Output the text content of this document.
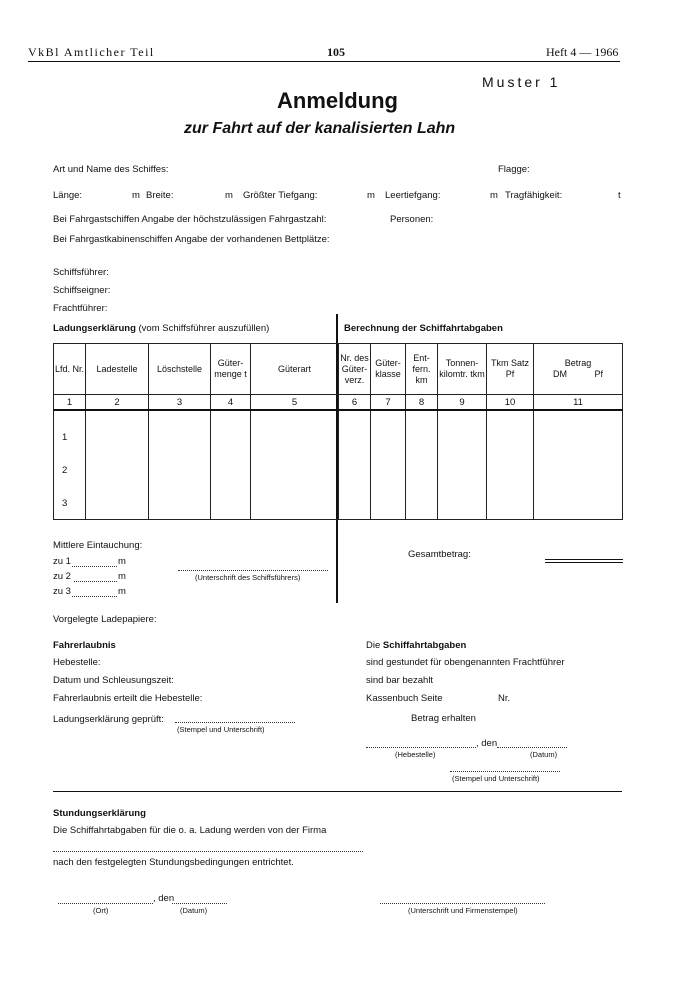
VkBl Amtlicher Teil	105	Heft 4 — 1966
Muster 1
Anmeldung
zur Fahrt auf der kanalisierten Lahn
Art und Name des Schiffes:	Flagge:
Länge:	m Breite:	m Größter Tiefgang:	m Leertiefgang:	m Tragfähigkeit:	t
Bei Fahrgastschiffen Angabe der höchstzulässigen Fahrgastzahl:	Personen:
Bei Fahrgastkabinenschiffen Angabe der vorhandenen Bettplätze:
Schiffsführer:
Schiffseigner:
Frachtführer:
Ladungserklärung (vom Schiffsführer auszufüllen)	Berechnung der Schiffahrtabgaben
Lfd. Nr.	Ladestelle	Löschstelle	Güter-menge t	Güterart	Nr. des Güter-verz.	Güter-klasse	Ent-fern. km	Tonnen-kilomtr. tkm	Tkm Satz Pf	Betrag
DM Pf

1	2	3	4	5	6	7	8	9	10	11

1
2
3
Mittlere Eintauchung:
zu 1	m
zu 2	m
zu 3	m
(Unterschrift des Schiffsführers)
Gesamtbetrag:
Vorgelegte Ladepapiere:
Fahrerlaubnis
Hebestelle:
Datum und Schleusungszeit:
Fahrerlaubnis erteilt die Hebestelle:
Ladungserklärung geprüft:
(Stempel und Unterschrift)
Die Schiffahrtabgaben
sind gestundet für obengenannten Frachtführer
sind bar bezahlt
Kassenbuch Seite	Nr.
Betrag erhalten
, den
(Hebestelle)	(Datum)
(Stempel und Unterschrift)
Stundungserklärung
Die Schiffahrtabgaben für die o. a. Ladung werden von der Firma
nach den festgelegten Stundungsbedingungen entrichtet.
, den
(Ort)	(Datum)	(Unterschrift und Firmenstempel)
